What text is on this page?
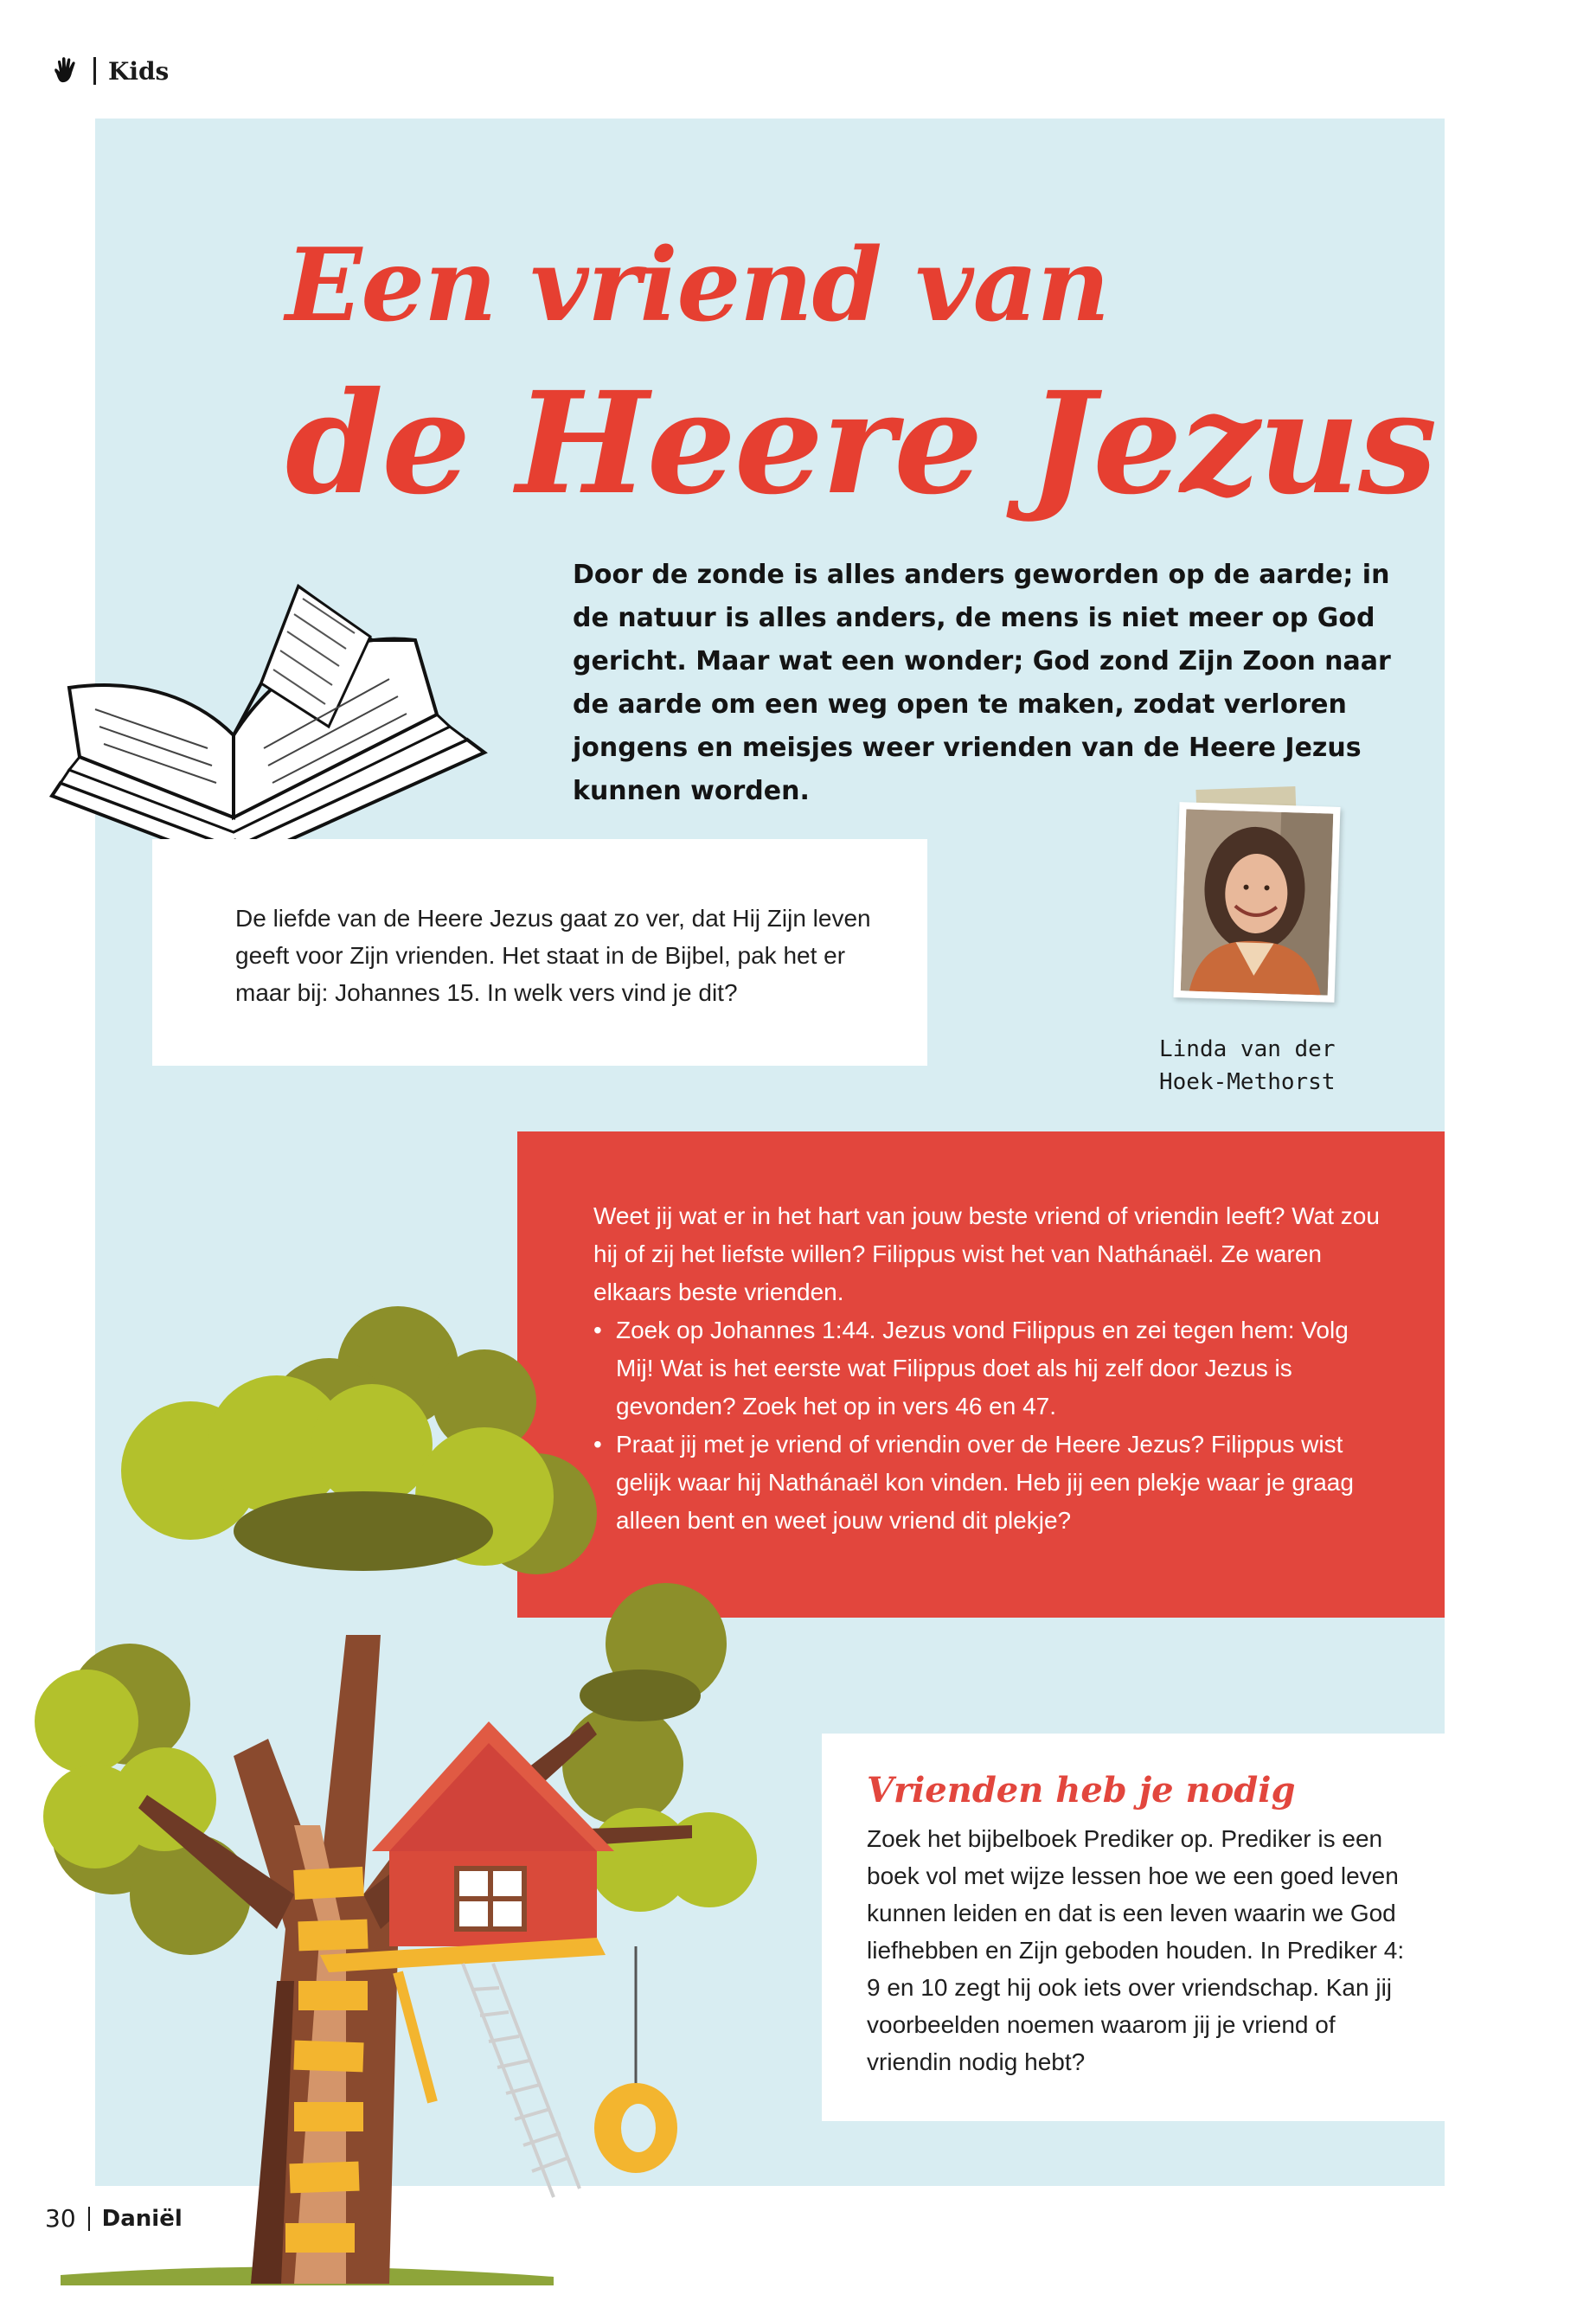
Kids
Een vriend van
de Heere Jezus

Door de zonde is alles anders geworden op de aarde; in de natuur is alles anders, de mens is niet meer op God gericht. Maar wat een wonder; God zond Zijn Zoon naar de aarde om een weg open te maken, zodat verloren jongens en meisjes weer vrienden van de Heere Jezus kunnen worden.

De liefde van de Heere Jezus gaat zo ver, dat Hij Zijn leven geeft voor Zijn vrienden. Het staat in de Bijbel, pak het er maar bij: Johannes 15. In welk vers vind je dit?

Linda van der
Hoek-Methorst

Weet jij wat er in het hart van jouw beste vriend of vriendin leeft? Wat zou hij of zij het liefste willen? Filippus wist het van Nathánaël. Ze waren elkaars beste vrienden.

• Zoek op Johannes 1:44. Jezus vond Filippus en zei tegen hem: Volg Mij! Wat is het eerste wat Filippus doet als hij zelf door Jezus is gevonden? Zoek het op in vers 46 en 47.
• Praat jij met je vriend of vriendin over de Heere Jezus? Filippus wist gelijk waar hij Nathánaël kon vinden. Heb jij een plekje waar je graag alleen bent en weet jouw vriend dit plekje?
Vrienden heb je nodig

Zoek het bijbelboek Prediker op. Prediker is een boek vol met wijze lessen hoe we een goed leven kunnen leiden en dat is een leven waarin we God liefhebben en Zijn geboden houden. In Prediker 4: 9 en 10 zegt hij ook iets over vriendschap. Kan jij voorbeelden noemen waarom jij je vriend of vriendin nodig hebt?

30 Daniël
